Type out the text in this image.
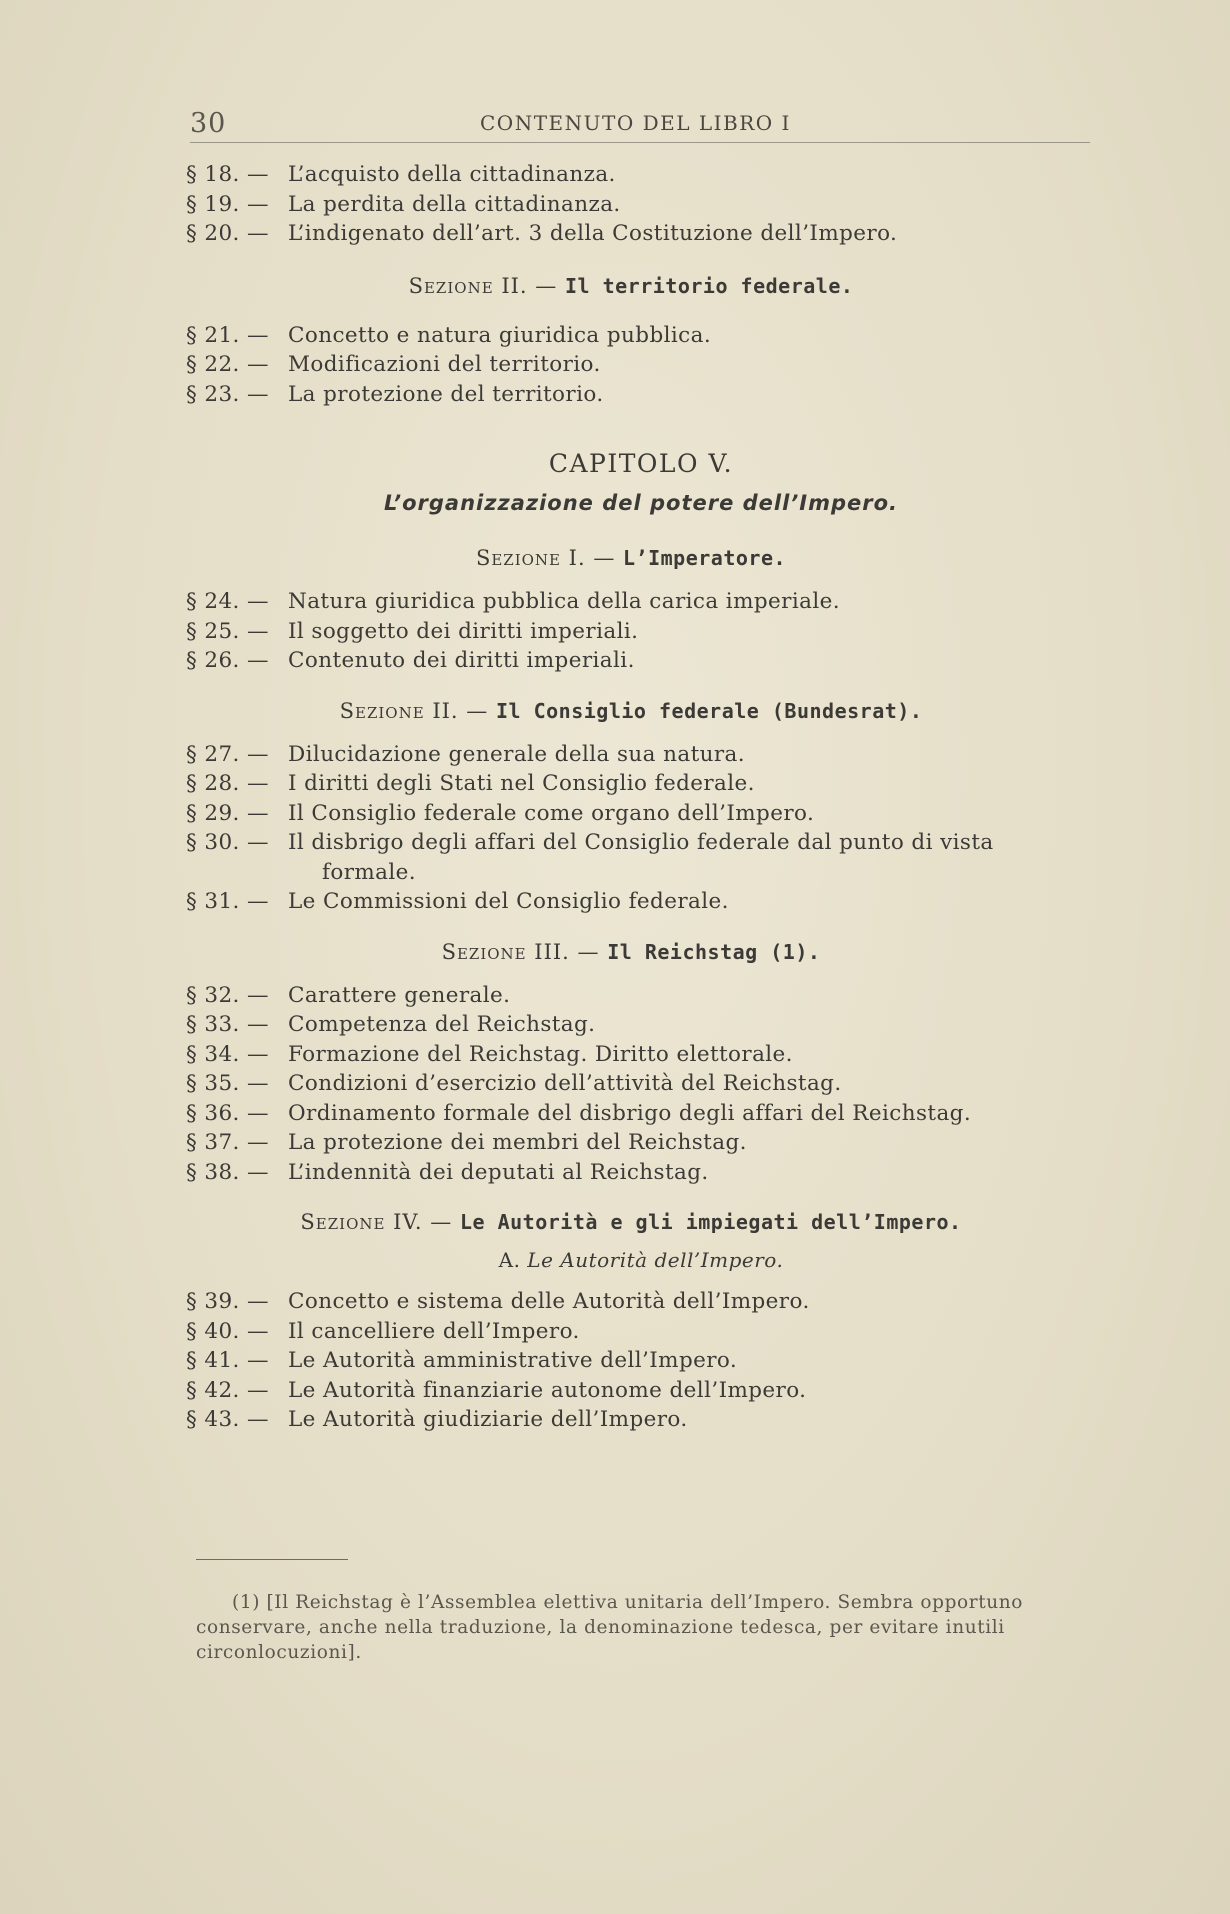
30	CONTENUTO DEL LIBRO I
§ 18. — L’acquisto della cittadinanza.
§ 19. — La perdita della cittadinanza.
§ 20. — L’indigenato dell’art. 3 della Costituzione dell’Impero.
Sezione II. — Il territorio federale.
§ 21. — Concetto e natura giuridica pubblica.
§ 22. — Modificazioni del territorio.
§ 23. — La protezione del territorio.
CAPITOLO V.
L’organizzazione del potere dell’Impero.
Sezione I. — L’Imperatore.
§ 24. — Natura giuridica pubblica della carica imperiale.
§ 25. — Il soggetto dei diritti imperiali.
§ 26. — Contenuto dei diritti imperiali.
Sezione II. — Il Consiglio federale (Bundesrat).
§ 27. — Dilucidazione generale della sua natura.
§ 28. — I diritti degli Stati nel Consiglio federale.
§ 29. — Il Consiglio federale come organo dell’Impero.
§ 30. — Il disbrigo degli affari del Consiglio federale dal punto di vista
formale.
§ 31. — Le Commissioni del Consiglio federale.
Sezione III. — Il Reichstag (1).
§ 32. — Carattere generale.
§ 33. — Competenza del Reichstag.
§ 34. — Formazione del Reichstag. Diritto elettorale.
§ 35. — Condizioni d’esercizio dell’attività del Reichstag.
§ 36. — Ordinamento formale del disbrigo degli affari del Reichstag.
§ 37. — La protezione dei membri del Reichstag.
§ 38. — L’indennità dei deputati al Reichstag.
Sezione IV. — Le Autorità e gli impiegati dell’Impero.
A. Le Autorità dell’Impero.
§ 39. — Concetto e sistema delle Autorità dell’Impero.
§ 40. — Il cancelliere dell’Impero.
§ 41. — Le Autorità amministrative dell’Impero.
§ 42. — Le Autorità finanziarie autonome dell’Impero.
§ 43. — Le Autorità giudiziarie dell’Impero.
(1) [Il Reichstag è l’Assemblea elettiva unitaria dell’Impero. Sembra opportuno conservare, anche nella traduzione, la denominazione tedesca, per evitare inutili circonlocuzioni].
